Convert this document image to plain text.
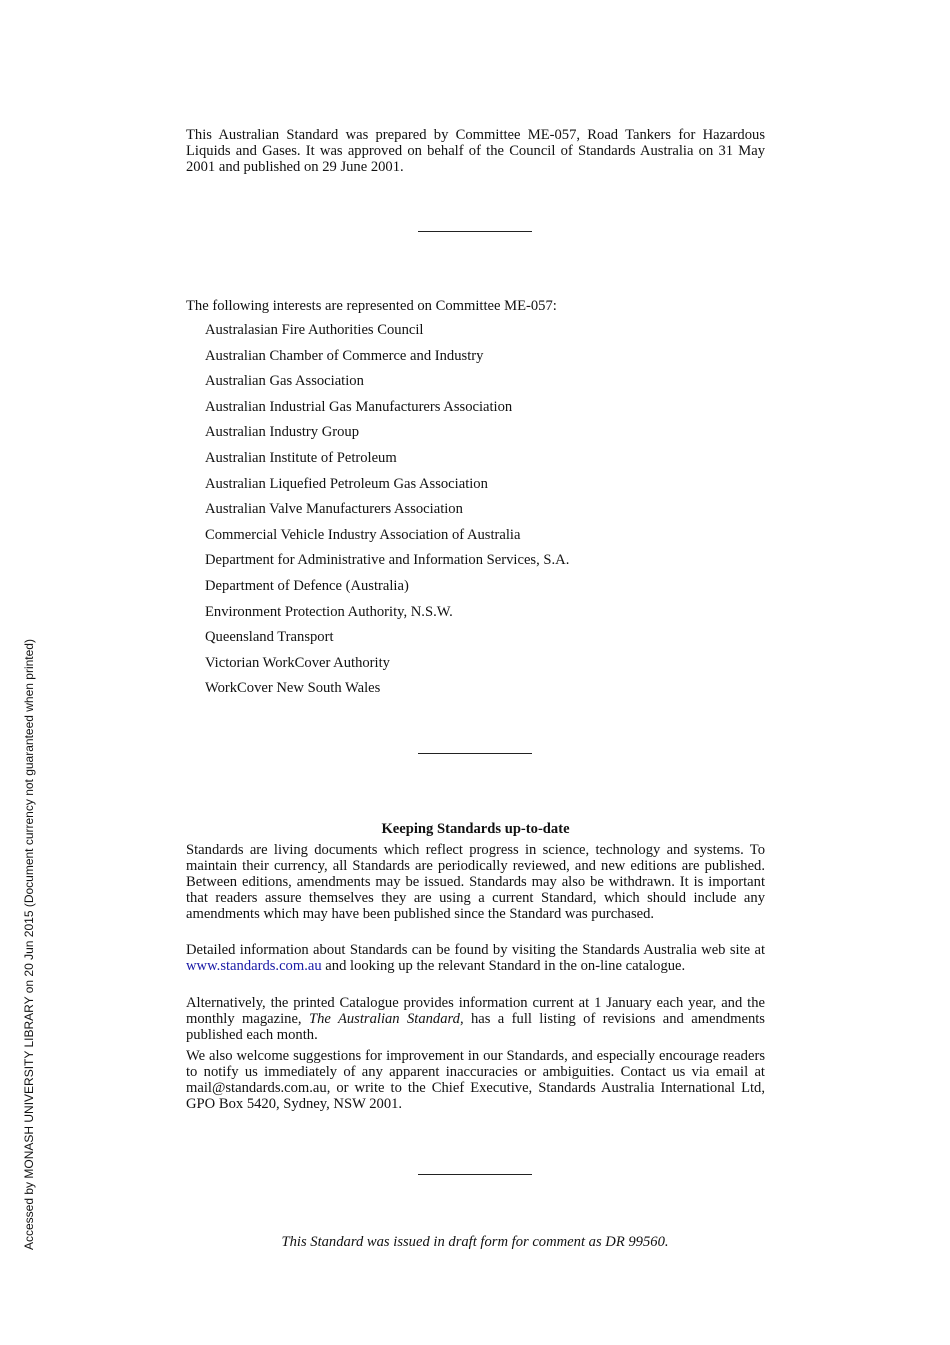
This Australian Standard was prepared by Committee ME-057, Road Tankers for Hazardous Liquids and Gases. It was approved on behalf of the Council of Standards Australia on 31 May 2001 and published on 29 June 2001.
The following interests are represented on Committee ME-057:
Australasian Fire Authorities Council
Australian Chamber of Commerce and Industry
Australian Gas Association
Australian Industrial Gas Manufacturers Association
Australian Industry Group
Australian Institute of Petroleum
Australian Liquefied Petroleum Gas Association
Australian Valve Manufacturers Association
Commercial Vehicle Industry Association of Australia
Department for Administrative and Information Services, S.A.
Department of Defence (Australia)
Environment Protection Authority, N.S.W.
Queensland Transport
Victorian WorkCover Authority
WorkCover New South Wales
Keeping Standards up-to-date

Standards are living documents which reflect progress in science, technology and systems. To maintain their currency, all Standards are periodically reviewed, and new editions are published. Between editions, amendments may be issued. Standards may also be withdrawn. It is important that readers assure themselves they are using a current Standard, which should include any amendments which may have been published since the Standard was purchased.

Detailed information about Standards can be found by visiting the Standards Australia web site at www.standards.com.au and looking up the relevant Standard in the on-line catalogue.

Alternatively, the printed Catalogue provides information current at 1 January each year, and the monthly magazine, The Australian Standard, has a full listing of revisions and amendments published each month.

We also welcome suggestions for improvement in our Standards, and especially encourage readers to notify us immediately of any apparent inaccuracies or ambiguities. Contact us via email at mail@standards.com.au, or write to the Chief Executive, Standards Australia International Ltd, GPO Box 5420, Sydney, NSW 2001.

This Standard was issued in draft form for comment as DR 99560.
Accessed by MONASH UNIVERSITY LIBRARY on 20 Jun 2015 (Document currency not guaranteed when printed)
